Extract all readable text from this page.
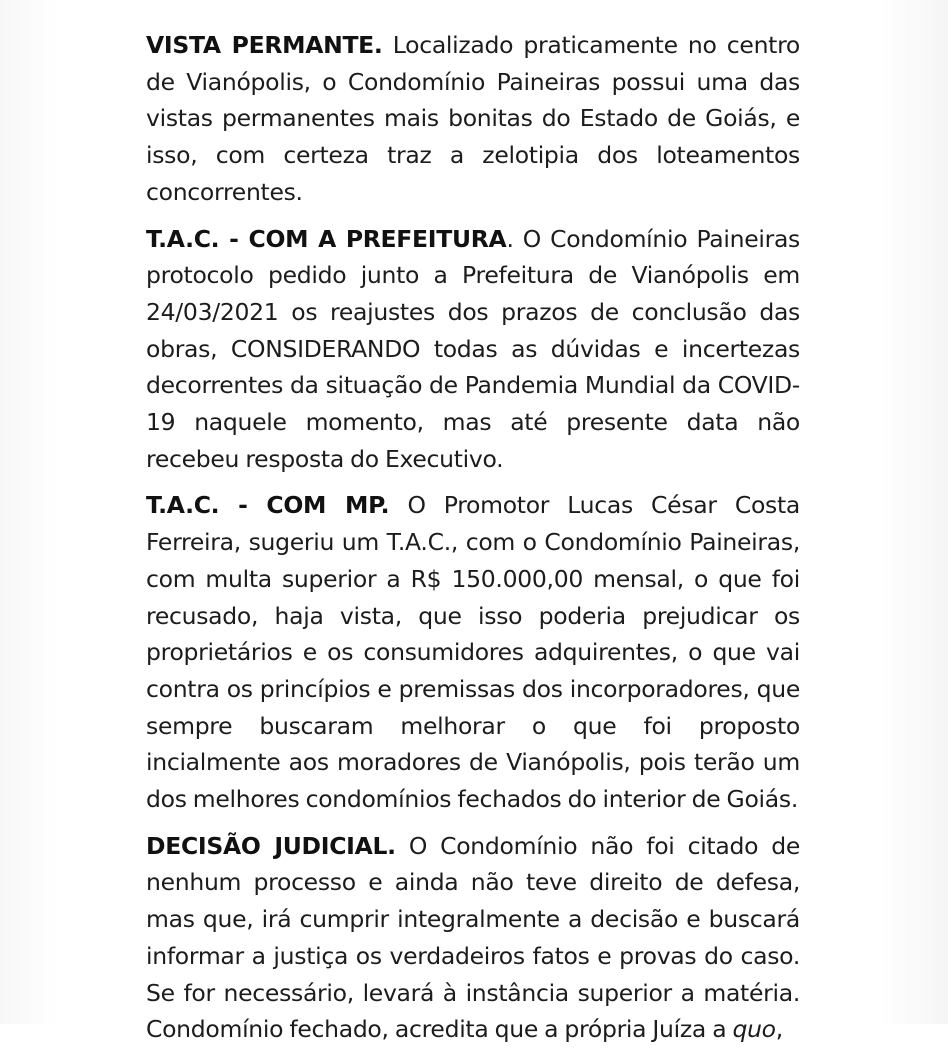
VISTA PERMANTE. Localizado praticamente no centro de Vianópolis, o Condomínio Paineiras possui uma das vistas permanentes mais bonitas do Estado de Goiás, e isso, com certeza traz a zelotipia dos loteamentos concorrentes.

T.A.C. - COM A PREFEITURA. O Condomínio Paineiras protocolo pedido junto a Prefeitura de Vianópolis em 24/03/2021 os reajustes dos prazos de conclusão das obras, CONSIDERANDO todas as dúvidas e incertezas decorrentes da situação de Pandemia Mundial da COVID-19 naquele momento, mas até presente data não recebeu resposta do Executivo.

T.A.C. - COM MP. O Promotor Lucas César Costa Ferreira, sugeriu um T.A.C., com o Condomínio Paineiras, com multa superior a R$ 150.000,00 mensal, o que foi recusado, haja vista, que isso poderia prejudicar os proprietários e os consumidores adquirentes, o que vai contra os princípios e premissas dos incorporadores, que sempre buscaram melhorar o que foi proposto incialmente aos moradores de Vianópolis, pois terão um dos melhores condomínios fechados do interior de Goiás.

DECISÃO JUDICIAL. O Condomínio não foi citado de nenhum processo e ainda não teve direito de defesa, mas que, irá cumprir integralmente a decisão e buscará informar a justiça os verdadeiros fatos e provas do caso. Se for necessário, levará à instância superior a matéria. Condomínio fechado, acredita que a própria Juíza a quo,
